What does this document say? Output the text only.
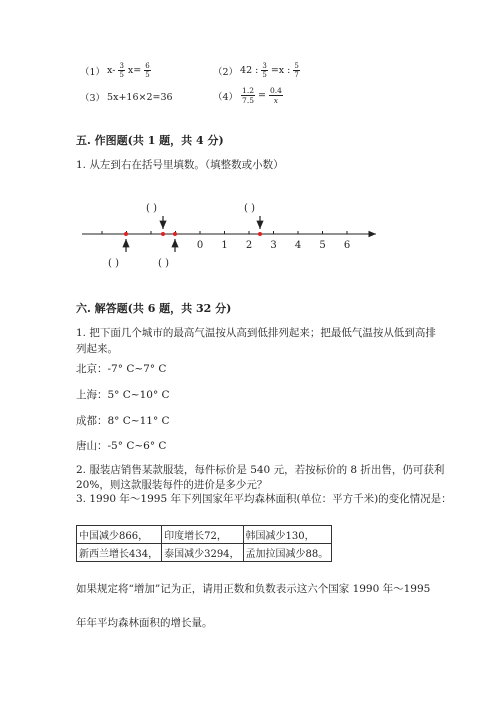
（1） $x- \frac{3}{5} x= \frac{6}{5}$	（2） 42 : $\frac{3}{5} =x$ : $\frac{5}{7}$
（3） 5x+16×2=36	$(4) \frac{1.2}{7.5} = \frac{0.4}{x}$
五. 作图题(共 1 题，共 4 分)
1. 从左到右在括号里填数。（填整数或小数）
0 1 2 3 4 5 6
( )	( )
( )	( )
六. 解答题(共 6 题，共 32 分)
1. 把下面几个城市的最高气温按从高到低排列起来；把最低气温按从低到高排
列起来。
北京：-7° C~7° C
上海：5° C~10° C
成都：8° C~11° C
唐山：-5° C~6° C
2. 服装店销售某款服装，每件标价是 540 元，若按标价的 8 折出售，仍可获利
20%，则这款服装每件的进价是多少元？
3. 1990 年～1995 年下列国家年平均森林面积(单位：平方千米)的变化情况是：
中国减少866，	印度增长72，	韩国减少130，
新西兰增长434，	泰国减少3294，	孟加拉国减少88。
如果规定将“增加”记为正，请用正数和负数表示这六个国家 1990 年～1995
年年平均森林面积的增长量。
